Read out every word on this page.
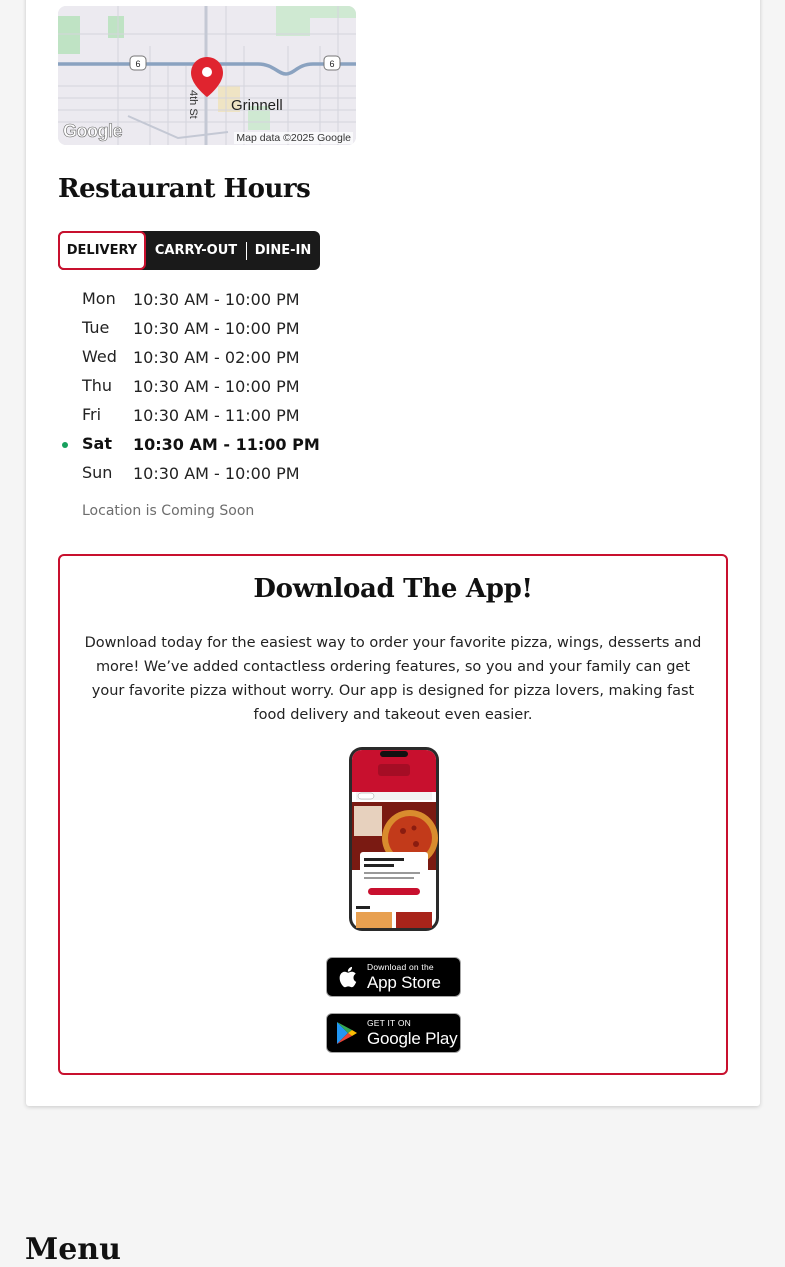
6	6
4th St Grinnell
Google	Map data ©2025 Google
Restaurant Hours
DELIVERY	CARRY-OUT	DINE-IN
Mon 10:30 AM - 10:00 PM
Tue 10:30 AM - 10:00 PM
Wed 10:30 AM - 02:00 PM
Thu 10:30 AM - 10:00 PM
Fri 10:30 AM - 11:00 PM
Sat 10:30 AM - 11:00 PM
Sun 10:30 AM - 10:00 PM
Location is Coming Soon
Download The App!

Download today for the easiest way to order your favorite pizza, wings, desserts and more! We’ve added contactless ordering features, so you and your family can get your favorite pizza without worry. Our app is designed for pizza lovers, making fast food delivery and takeout even easier.

Download on the
App Store
GET IT ON
Google Play
Menu
